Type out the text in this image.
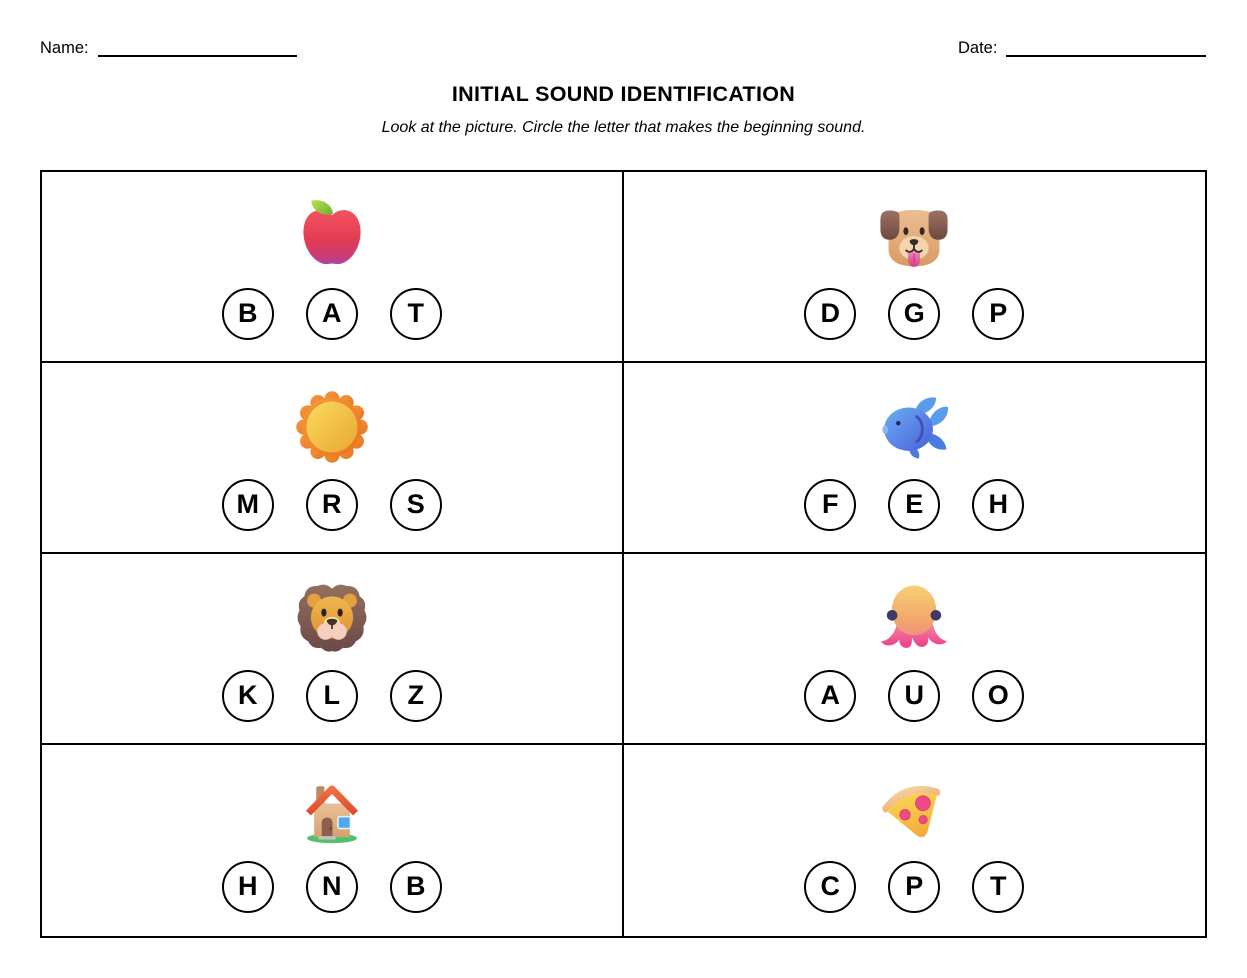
Name:	Date:
INITIAL SOUND IDENTIFICATION
Look at the picture. Circle the letter that makes the beginning sound.
B	A	T	D	G	P
M	R	S	F	E	H
K	L	Z	A	U	O
H	N	B	C	P	T
